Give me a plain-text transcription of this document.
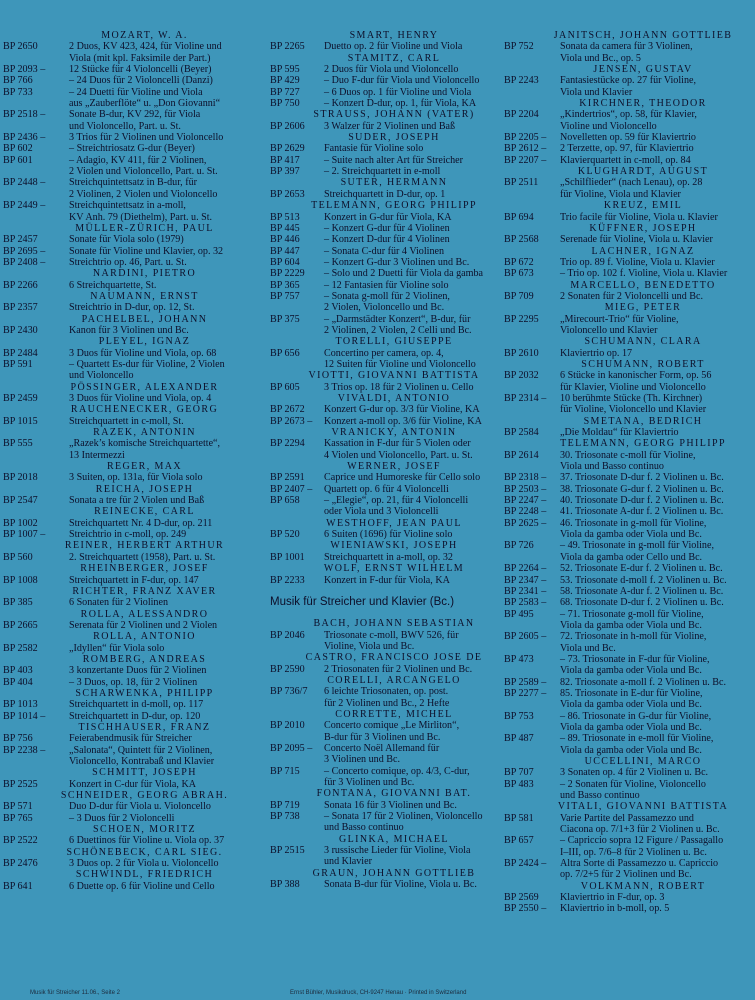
MOZART, W. A.
BP 2650	2 Duos, KV 423, 424, für Violine und
Viola (mit kpl. Faksimile der Part.)
BP 2093 – 12 Stücke für 4 Violoncelli (Beyer)
BP 766	– 24 Duos für 2 Violoncelli (Danzi)
BP 733	– 24 Duetti für Violine und Viola
aus „Zauberflöte“ u. „Don Giovanni“
BP 2518 – Sonate B-dur, KV 292, für Viola
und Violoncello, Part. u. St.
BP 2436 – 3 Trios für 2 Violinen und Violoncello
BP 602	– Streichtriosatz G-dur (Beyer)
BP 601	– Adagio, KV 411, für 2 Violinen,
2 Violen und Violoncello, Part. u. St.
BP 2448 – Streichquintettsatz in B-dur, für
2 Violinen, 2 Violen und Violoncello
BP 2449 – Streichquintettsatz in a-moll,
KV Anh. 79 (Diethelm), Part. u. St.
MÜLLER-ZÜRICH, PAUL
BP 2457	Sonate für Viola solo (1979)
BP 2695 – Sonate für Violine und Klavier, op. 32
BP 2408 – Streichtrio op. 46, Part. u. St.
NARDINI, PIETRO
BP 2266	6 Streichquartette, St.
NAUMANN, ERNST
BP 2357	Streichtrio in D-dur, op. 12, St.
PACHELBEL, JOHANN
BP 2430	Kanon für 3 Violinen und Bc.
PLEYEL, IGNAZ
BP 2484	3 Duos für Violine und Viola, op. 68
BP 591	– Quartett Es-dur für Violine, 2 Violen
und Violoncello
PÖSSINGER, ALEXANDER
BP 2459	3 Duos für Violine und Viola, op. 4
RAUCHENECKER, GEORG
BP 1015	Streichquartett in c-moll, St.
RAZEK, ANTONIN
BP 555	„Razek’s komische Streichquartette“,
13 Intermezzi
REGER, MAX
BP 2018	3 Suiten, op. 131a, für Viola solo
REICHA, JOSEPH
BP 2547	Sonata a tre für 2 Violen und Baß
REINECKE, CARL
BP 1002	Streichquartett Nr. 4 D-dur, op. 211
BP 1007 – Streichtrio in c-moll, op. 249
REINER, HERBERT ARTHUR
BP 560	2. Streichquartett (1958), Part. u. St.
RHEINBERGER, JOSEF
BP 1008	Streichquartett in F-dur, op. 147
RICHTER, FRANZ XAVER
BP 385	6 Sonaten für 2 Violinen
ROLLA, ALESSANDRO
BP 2665	Serenata für 2 Violinen und 2 Violen
ROLLA, ANTONIO
BP 2582	„Idyllen“ für Viola solo
ROMBERG, ANDREAS
BP 403	3 konzertante Duos für 2 Violinen
BP 404	– 3 Duos, op. 18, für 2 Violinen
SCHARWENKA, PHILIPP
BP 1013	Streichquartett in d-moll, op. 117
BP 1014 – Streichquartett in D-dur, op. 120
TISCHHAUSER, FRANZ
BP 756	Feierabendmusik für Streicher
BP 2238 – „Salonata“, Quintett für 2 Violinen,
Violoncello, Kontrabaß und Klavier
SCHMITT, JOSEPH
BP 2525	Konzert in C-dur für Viola, KA
SCHNEIDER, GEORG ABRAH.
BP 571	Duo D-dur für Viola u. Violoncello
BP 765	– 3 Duos für 2 Violoncelli
SCHOEN, MORITZ
BP 2522	6 Duettinos für Violine u. Viola op. 37
SCHÖNEBECK, CARL SIEG.
BP 2476	3 Duos op. 2 für Viola u. Violoncello
SCHWINDL, FRIEDRICH
BP 641	6 Duette op. 6 für Violine und Cello
SMART, HENRY
BP 2265 Duetto op. 2 für Violine und Viola
STAMITZ, CARL
BP 595 2 Duos für Viola und Violoncello
BP 429 – Duo F-dur für Viola und Violoncello
BP 727 – 6 Duos op. 1 für Violine und Viola
BP 750 – Konzert D-dur, op. 1, für Viola, KA
STRAUSS, JOHANN (VATER)
BP 2606 3 Walzer für 2 Violinen und Baß
SUDER, JOSEPH
BP 2629 Fantasie für Violine solo
BP 417 – Suite nach alter Art für Streicher
BP 397 – 2. Streichquartett in e-moll
SUTER, HERMANN
BP 2653 Streichquartett in D-dur, op. 1
TELEMANN, GEORG PHILIPP
BP 513 Konzert in G-dur für Viola, KA
BP 445 – Konzert G-dur für 4 Violinen
BP 446 – Konzert D-dur für 4 Violinen
BP 447 – Sonata C-dur für 4 Violinen
BP 604 – Konzert G-dur 3 Violinen und Bc.
BP 2229 – Solo und 2 Duetti für Viola da gamba
BP 365 – 12 Fantasien für Violine solo
BP 757 – Sonata g-moll für 2 Violinen,
2 Violen, Violoncello und Bc.
BP 375 – „Darmstädter Konzert“, B-dur, für
2 Violinen, 2 Violen, 2 Celli und Bc.
TORELLI, GIUSEPPE
BP 656 Concertino per camera, op. 4,
12 Suiten für Violine und Violoncello
VIOTTI, GIOVANNI BATTISTA
BP 605 3 Trios op. 18 für 2 Violinen u. Cello
VIVALDI, ANTONIO
BP 2672 Konzert G-dur op. 3/3 für Violine, KA
BP 2673 – Konzert a-moll op. 3/6 für Violine, KA
VRANICKY, ANTONIN
BP 2294 Kassation in F-dur für 5 Violen oder
4 Violen und Violoncello, Part. u. St.
WERNER, JOSEF
BP 2591 Caprice und Humoreske für Cello solo
BP 2407 – Quartett op. 6 für 4 Violoncelli
BP 658 – „Elegie“, op. 21, für 4 Violoncelli
oder Viola und 3 Violoncelli
WESTHOFF, JEAN PAUL
BP 520 6 Suiten (1696) für Violine solo
WIENIAWSKI, JOSEPH
BP 1001 Streichquartett in a-moll, op. 32
WOLF, ERNST WILHELM
BP 2233 Konzert in F-dur für Viola, KA
Musik für Streicher und Klavier (Bc.)
BACH, JOHANN SEBASTIAN
BP 2046 Triosonate c-moll, BWV 526, für
Violine, Viola und Bc.
CASTRO, FRANCISCO JOSE DE
BP 2590 2 Triosonaten für 2 Violinen und Bc.
CORELLI, ARCANGELO
BP 736/7 6 leichte Triosonaten, op. post.
für 2 Violinen und Bc., 2 Hefte
CORRETTE, MICHEL
BP 2010 Concerto comique „Le Mirliton“,
B-dur für 3 Violinen und Bc.
BP 2095 – Concerto Noël Allemand für
3 Violinen und Bc.
BP 715 – Concerto comique, op. 4/3, C-dur,
für 3 Violinen und Bc.
FONTANA, GIOVANNI BAT.
BP 719 Sonata 16 für 3 Violinen und Bc.
BP 738 – Sonata 17 für 2 Violinen, Violoncello
und Basso continuo
GLINKA, MICHAEL
BP 2515 3 russische Lieder für Violine, Viola
und Klavier
GRAUN, JOHANN GOTTLIEB
BP 388 Sonata B-dur für Violine, Viola u. Bc.
JANITSCH, JOHANN GOTTLIEB
BP 752	Sonata da camera für 3 Violinen,
Viola und Bc., op. 5
JENSEN, GUSTAV
BP 2243 Fantasiestücke op. 27 für Violine,
Viola und Klavier
KIRCHNER, THEODOR
BP 2204 „Kindertrios“, op. 58, für Klavier,
Violine und Violoncello
BP 2205 – Novelletten op. 59 für Klaviertrio
BP 2612 – 2 Terzette, op. 97, für Klaviertrio
BP 2207 – Klavierquartett in c-moll, op. 84
KLUGHARDT, AUGUST
BP 2511 „Schilflieder“ (nach Lenau), op. 28
für Violine, Viola und Klavier
KREUZ, EMIL
BP 694	Trio facile für Violine, Viola u. Klavier
KÜFFNER, JOSEPH
BP 2568 Serenade für Violine, Viola u. Klavier
LACHNER, IGNAZ
BP 672	Trio op. 89 f. Violine, Viola u. Klavier
BP 673	– Trio op. 102 f. Violine, Viola u. Klavier
MARCELLO, BENEDETTO
BP 709	2 Sonaten für 2 Violoncelli und Bc.
MIEG, PETER
BP 2295 „Mirecourt-Trio“ für Violine,
Violoncello und Klavier
SCHUMANN, CLARA
BP 2610 Klaviertrio op. 17
SCHUMANN, ROBERT
BP 2032 6 Stücke in kanonischer Form, op. 56
für Klavier, Violine und Violoncello
BP 2314 – 10 berühmte Stücke (Th. Kirchner)
für Violine, Violoncello und Klavier
SMETANA, BEDRICH
BP 2584 „Die Moldau“ für Klaviertrio
TELEMANN, GEORG PHILIPP
BP 2614 30. Triosonate c-moll für Violine,
Viola und Basso continuo
BP 2318 – 37. Triosonate D-dur f. 2 Violinen u. Bc.
BP 2503 – 38. Triosonate G-dur f. 2 Violinen u. Bc.
BP 2247 – 40. Triosonate D-dur f. 2 Violinen u. Bc.
BP 2248 – 41. Triosonate A-dur f. 2 Violinen u. Bc.
BP 2625 – 46. Triosonate in g-moll für Violine,
Viola da gamba oder Viola und Bc.
BP 726	– 49. Triosonate in g-moll für Violine,
Viola da gamba oder Cello und Bc.
BP 2264 – 52. Triosonate E-dur f. 2 Violinen u. Bc.
BP 2347 – 53. Triosonate d-moll f. 2 Violinen u. Bc.
BP 2341 – 58. Triosonate A-dur f. 2 Violinen u. Bc.
BP 2583 – 68. Triosonate D-dur f. 2 Violinen u. Bc.
BP 495	– 71. Triosonate g-moll für Violine,
Viola da gamba oder Viola und Bc.
BP 2605 – 72. Triosonate in h-moll für Violine,
Viola und Bc.
BP 473	– 73. Triosonate in F-dur für Violine,
Viola da gamba oder Viola und Bc.
BP 2589 – 82. Triosonate a-moll f. 2 Violinen u. Bc.
BP 2277 – 85. Triosonate in E-dur für Violine,
Viola da gamba oder Viola und Bc.
BP 753	– 86. Triosonate in G-dur für Violine,
Viola da gamba oder Viola und Bc.
BP 487	– 89. Triosonate in e-moll für Violine,
Viola da gamba oder Viola und Bc.
UCCELLINI, MARCO
BP 707	3 Sonaten op. 4 für 2 Violinen u. Bc.
BP 483	– 2 Sonaten für Violine, Violoncello
und Basso continuo
VITALI, GIOVANNI BATTISTA
BP 581	Varie Partite del Passamezzo und
Ciacona op. 7/1+3 für 2 Violinen u. Bc.
BP 657	– Capriccio sopra 12 Figure / Passagallo
I–III, op. 7/6–8 für 2 Violinen u. Bc.
BP 2424 – Altra Sorte di Passamezzo u. Capriccio
op. 7/2+5 für 2 Violinen und Bc.
VOLKMANN, ROBERT
BP 2569 Klaviertrio in F-dur, op. 3
BP 2550 – Klaviertrio in b-moll, op. 5
Musik für Streicher 11.06., Seite 2	Ernst Bühler, Musikdruck, CH-9247 Henau · Printed in Switzerland
